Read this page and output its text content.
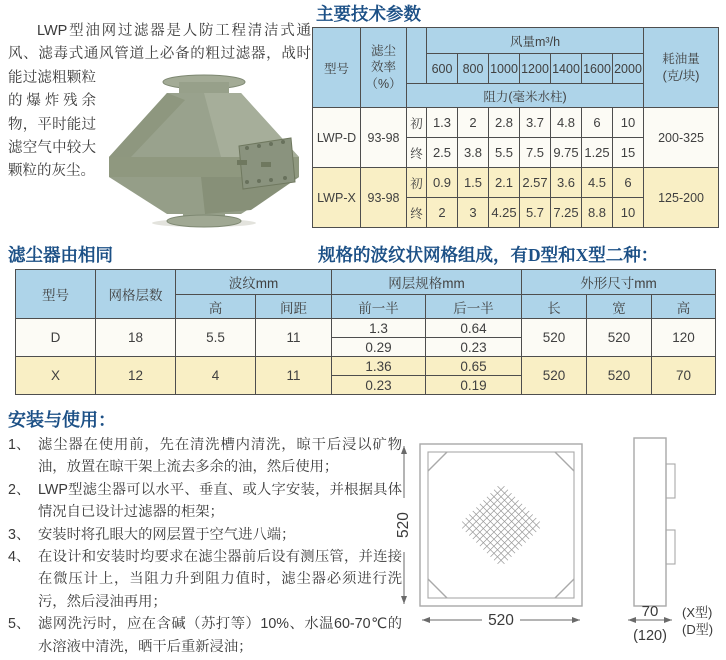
LWP型油网过滤器是人防工程清洁式通风、滤毒式通风管道上必备的粗过滤器，战时
能过滤粗颗粒的爆炸残余物，平时能过滤空气中较大颗粒的灰尘。

主要技术参数
型号	滤尘
效率
（%）		风量m³/h							耗油量
(克/块)

			600	800	1000	1200	1400	1600	2000	
		阻力(毫米水柱)								
LWP-D	93-98	初	1.3	2	2.8	3.7	4.8	6	10	200-325
		终	2.5	3.8	5.5	7.5	9.75	1.25	15	
LWP-X	93-98	初	0.9	1.5	2.1	2.57	3.6	4.5	6	125-200
		终	2	3	4.25	5.7	7.25	8.8	10	
滤尘器由相同	规格的波纹状网格组成，有D型和X型二种：
型号	网格层数	波纹mm		网层规格mm		外形尺寸mm		
		高	间距	前一半	后一半	长	宽	高
D	18	5.5	11	1.3	0.64	520	520	120
				0.29	0.23			
X	12	4	11	1.36	0.65	520	520	70
				0.23	0.19			
安装与使用：
1、 滤尘器在使用前，先在清洗槽内清洗，晾干后浸以矿物油，放置在晾干架上流去多余的油，然后使用；
2、 LWP型滤尘器可以水平、垂直、或人字安装，并根据具体情况自已设计过滤器的柜架；
3、 安装时将孔眼大的网层置于空气进八端；
4、 在设计和安装时均要求在滤尘器前后设有测压管，并连接在微压计上，当阻力升到阻力值时，滤尘器必须进行洗污，然后浸油再用；
5、 滤网洗污时，应在含碱（苏打等）10%、水温60-70℃的水溶液中清洗，晒干后重新浸油；
520
520
70
(120)
(X型)
(D型)
